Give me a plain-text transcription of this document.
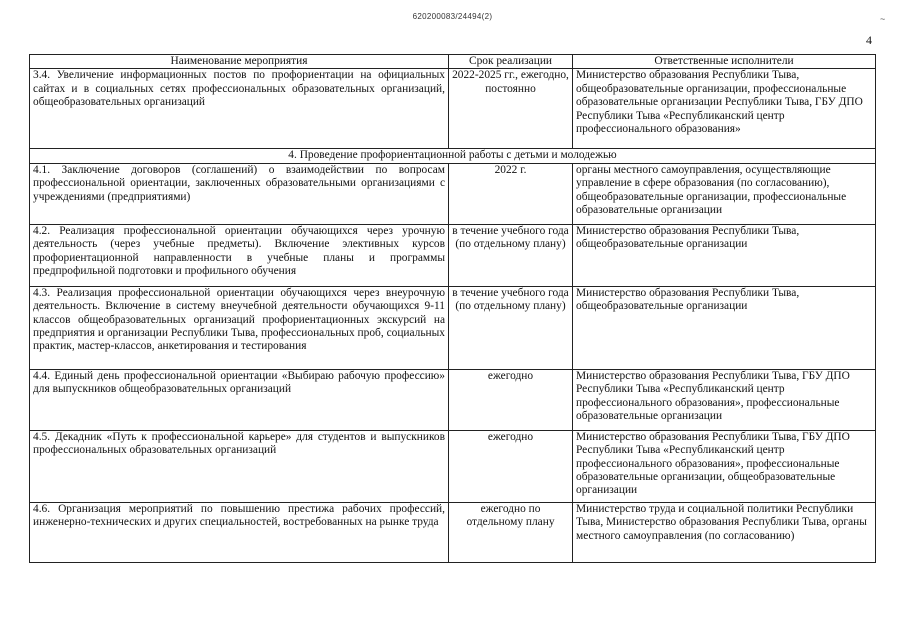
620200083/24494(2)	~
4
Наименование мероприятия	Срок реализации	Ответственные исполнители
3.4. Увеличение информационных постов по профориентации на официальных сайтах и в социальных сетях профессиональных образовательных организаций, общеобразовательных организаций	2022-2025 гг., ежегодно, постоянно	Министерство образования Республики Тыва, общеобразовательные организации, профессиональные образовательные организации Республики Тыва, ГБУ ДПО Республики Тыва «Республиканский центр профессионального образования»
4. Проведение профориентационной работы с детьми и молодежью		
4.1. Заключение договоров (соглашений) о взаимодействии по вопросам профессиональной ориентации, заключенных образовательными организациями с учреждениями (предприятиями)	2022 г.	органы местного самоуправления, осуществляющие управление в сфере образования (по согласованию), общеобразовательные организации, профессиональные образовательные организации
4.2. Реализация профессиональной ориентации обучающихся через урочную деятельность (через учебные предметы). Включение элективных курсов профориентационной направленности в учебные планы и программы предпрофильной подготовки и профильного обучения	в течение учебного года (по отдельному плану)	Министерство образования Республики Тыва, общеобразовательные организации
4.3. Реализация профессиональной ориентации обучающихся через внеурочную деятельность. Включение в систему внеучебной деятельности обучающихся 9-11 классов общеобразовательных организаций профориентационных экскурсий на предприятия и организации Республики Тыва, профессиональных проб, социальных практик, мастер-классов, анкетирования и тестирования	в течение учебного года (по отдельному плану)	Министерство образования Республики Тыва, общеобразовательные организации
4.4. Единый день профессиональной ориентации «Выбираю рабочую профессию» для выпускников общеобразовательных организаций	ежегодно	Министерство образования Республики Тыва, ГБУ ДПО Республики Тыва «Республиканский центр профессионального образования», профессиональные образовательные организации
4.5. Декадник «Путь к профессиональной карьере» для студентов и выпускников профессиональных образовательных организаций	ежегодно	Министерство образования Республики Тыва, ГБУ ДПО Республики Тыва «Республиканский центр профессионального образования», профессиональные образовательные организации, общеобразовательные организации
4.6. Организация мероприятий по повышению престижа рабочих профессий, инженерно-технических и других специальностей, востребованных на рынке труда	ежегодно по отдельному плану	Министерство труда и социальной политики Республики Тыва, Министерство образования Республики Тыва, органы местного самоуправления (по согласованию)
